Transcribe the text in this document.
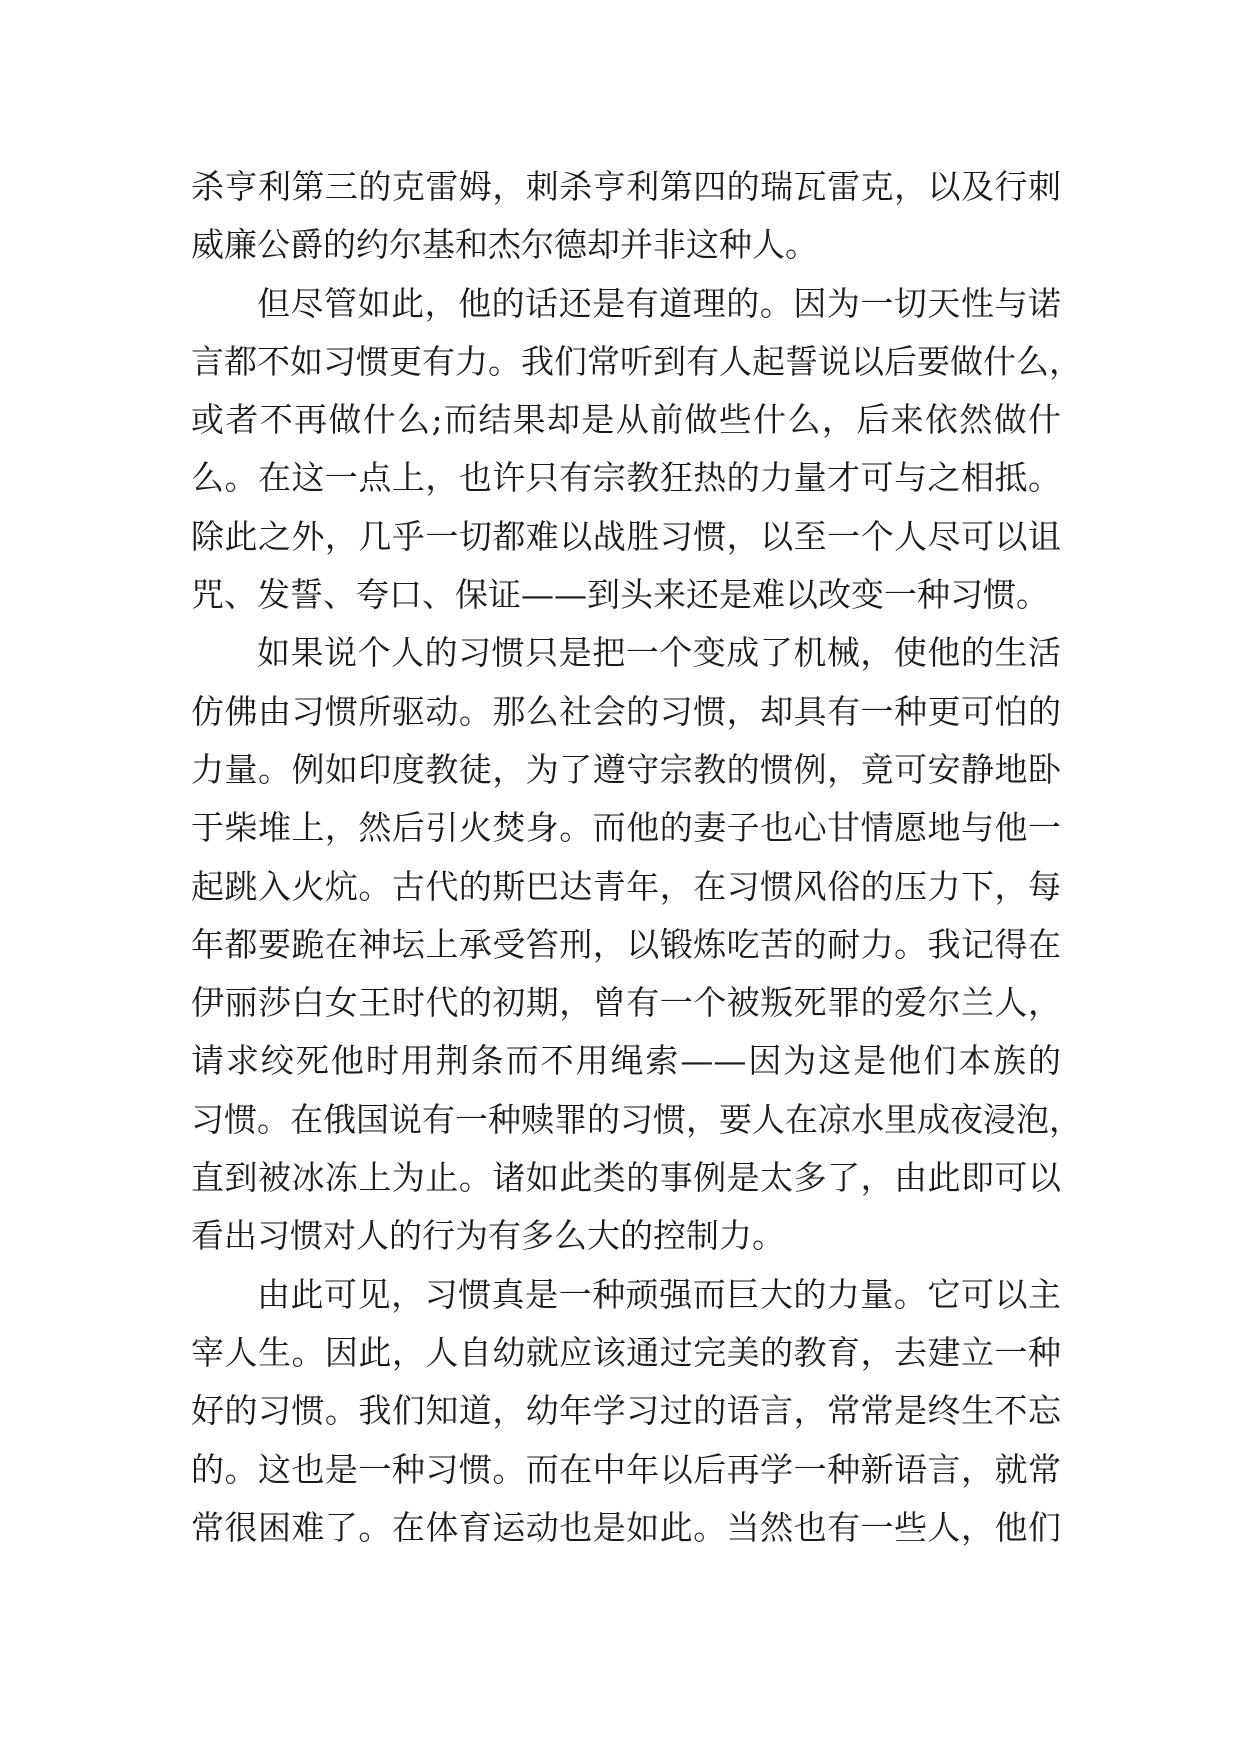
杀亨利第三的克雷姆，刺杀亨利第四的瑞瓦雷克，以及行刺
威廉公爵的约尔基和杰尔德却并非这种人。
但尽管如此，他的话还是有道理的。因为一切天性与诺
言都不如习惯更有力。我们常听到有人起誓说以后要做什么，
或者不再做什么;而结果却是从前做些什么，后来依然做什
么。在这一点上，也许只有宗教狂热的力量才可与之相抵。
除此之外，几乎一切都难以战胜习惯，以至一个人尽可以诅
咒、发誓、夸口、保证——到头来还是难以改变一种习惯。
如果说个人的习惯只是把一个变成了机械，使他的生活
仿佛由习惯所驱动。那么社会的习惯，却具有一种更可怕的
力量。例如印度教徒，为了遵守宗教的惯例，竟可安静地卧
于柴堆上，然后引火焚身。而他的妻子也心甘情愿地与他一
起跳入火炕。古代的斯巴达青年，在习惯风俗的压力下，每
年都要跪在神坛上承受笞刑，以锻炼吃苦的耐力。我记得在
伊丽莎白女王时代的初期，曾有一个被叛死罪的爱尔兰人，
请求绞死他时用荆条而不用绳索——因为这是他们本族的
习惯。在俄国说有一种赎罪的习惯，要人在凉水里成夜浸泡，
直到被冰冻上为止。诸如此类的事例是太多了，由此即可以
看出习惯对人的行为有多么大的控制力。
由此可见，习惯真是一种顽强而巨大的力量。它可以主
宰人生。因此，人自幼就应该通过完美的教育，去建立一种
好的习惯。我们知道，幼年学习过的语言，常常是终生不忘
的。这也是一种习惯。而在中年以后再学一种新语言，就常
常很困难了。在体育运动也是如此。当然也有一些人，他们
